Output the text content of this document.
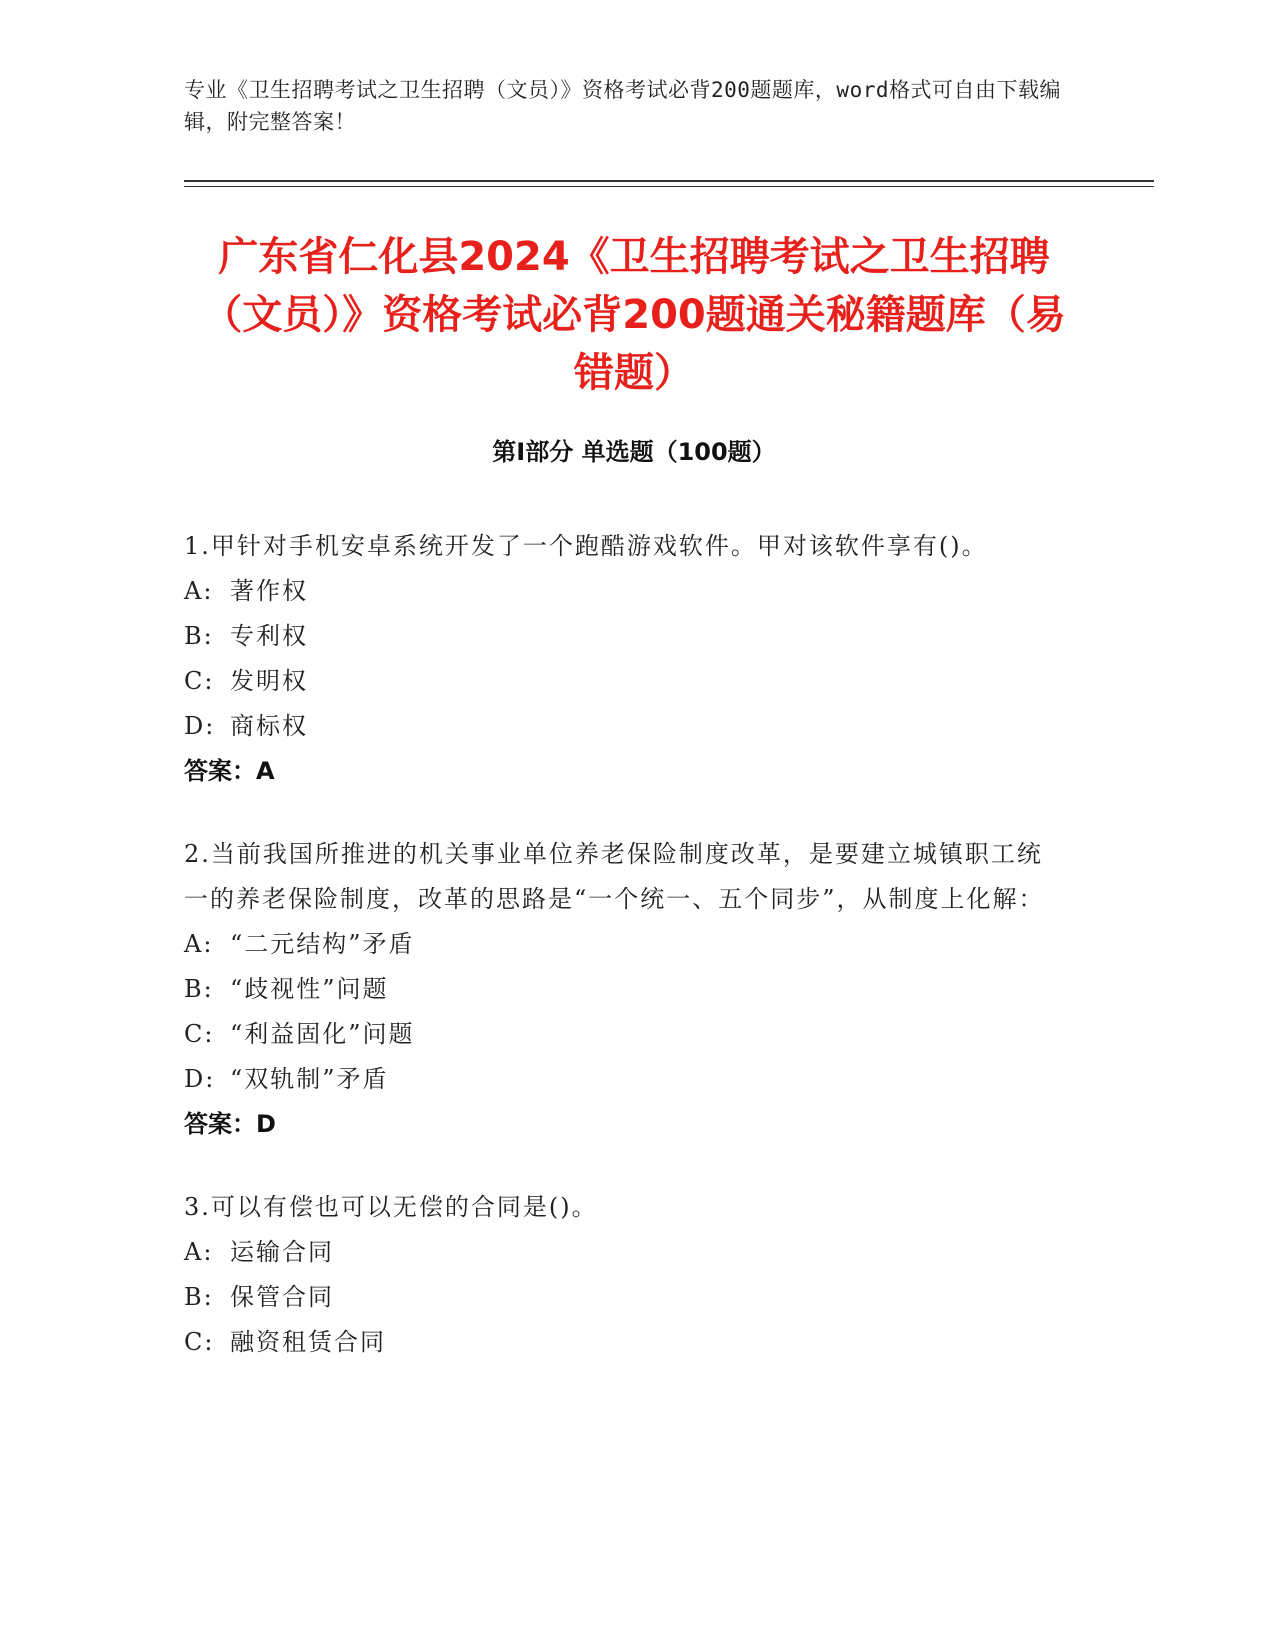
专业《卫生招聘考试之卫生招聘（文员）》资格考试必背200题题库，word格式可自由下载编辑，附完整答案！
广东省仁化县2024《卫生招聘考试之卫生招聘（文员）》资格考试必背200题通关秘籍题库（易错题）
第Ⅰ部分 单选题（100题）

1.甲针对手机安卓系统开发了一个跑酷游戏软件。甲对该软件享有()。

A: 著作权
B: 专利权
C: 发明权
D: 商标权
答案：A

2.当前我国所推进的机关事业单位养老保险制度改革，是要建立城镇职工统一的养老保险制度，改革的思路是“一个统一、五个同步”，从制度上化解：

A: “二元结构”矛盾
B: “歧视性”问题
C: “利益固化”问题
D: “双轨制”矛盾
答案：D

3.可以有偿也可以无偿的合同是()。

A: 运输合同
B: 保管合同
C: 融资租赁合同
